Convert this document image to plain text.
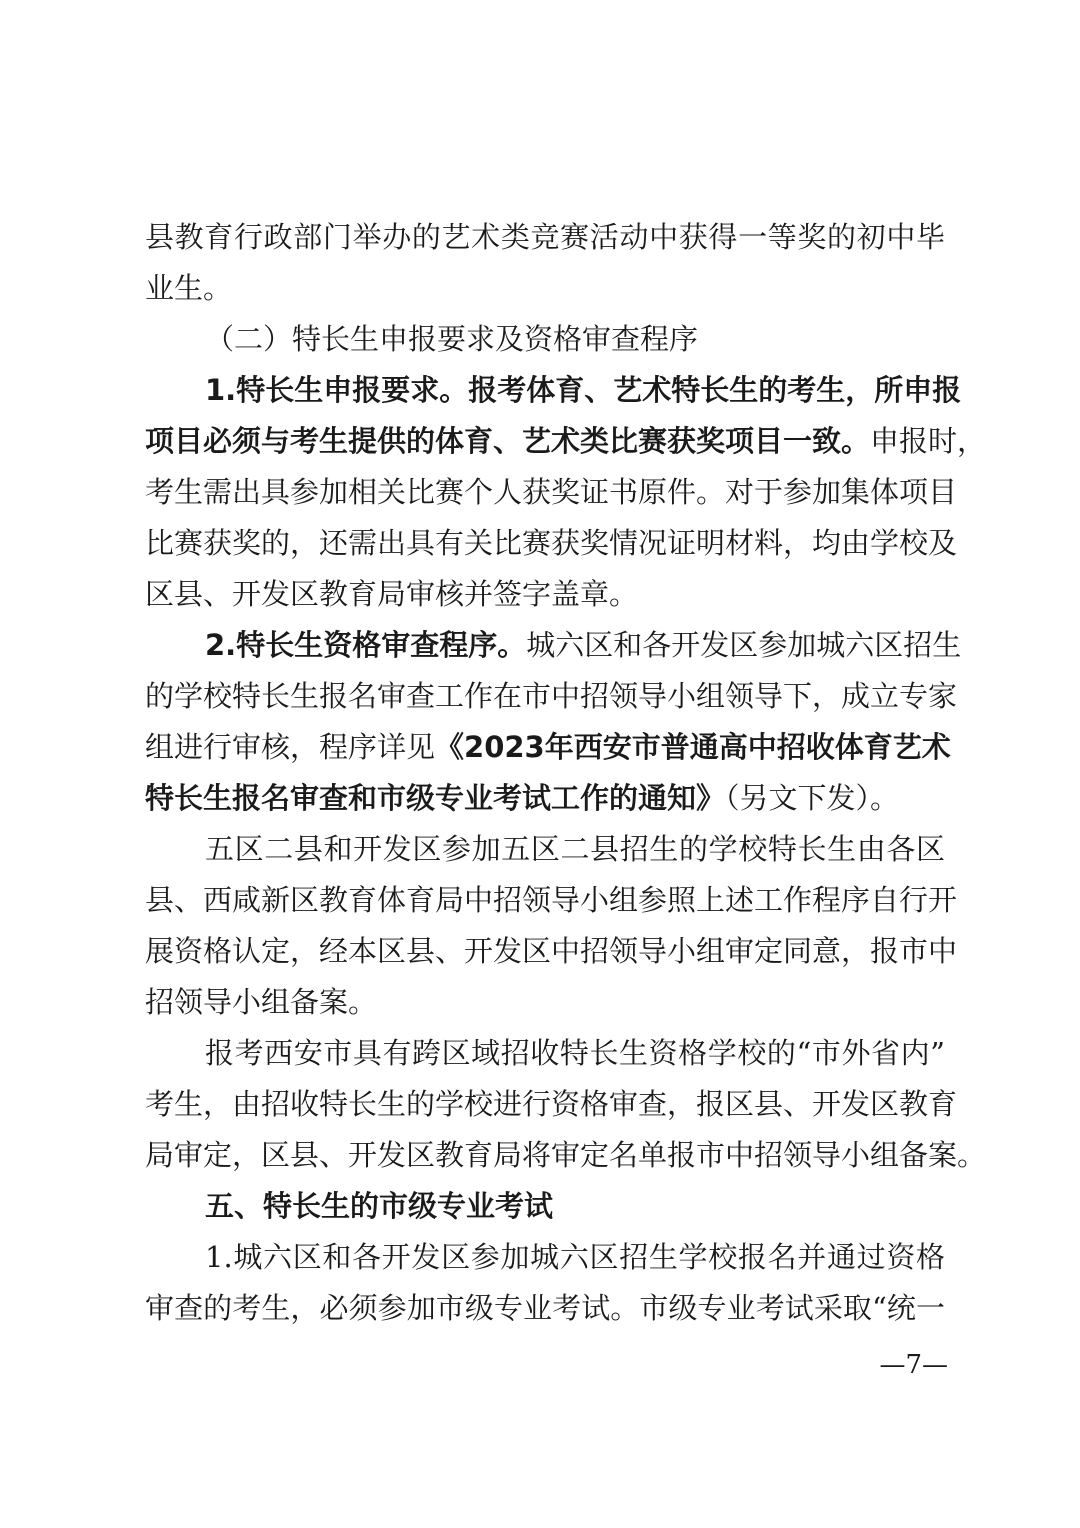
县教育行政部门举办的艺术类竞赛活动中获得一等奖的初中毕
业生。
（二）特长生申报要求及资格审查程序
1.特长生申报要求。报考体育、艺术特长生的考生，所申报
项目必须与考生提供的体育、艺术类比赛获奖项目一致。申报时，
考生需出具参加相关比赛个人获奖证书原件。对于参加集体项目
比赛获奖的，还需出具有关比赛获奖情况证明材料，均由学校及
区县、开发区教育局审核并签字盖章。
2.特长生资格审查程序。城六区和各开发区参加城六区招生
的学校特长生报名审查工作在市中招领导小组领导下，成立专家
组进行审核，程序详见《2023年西安市普通高中招收体育艺术
特长生报名审查和市级专业考试工作的通知》（另文下发）。
五区二县和开发区参加五区二县招生的学校特长生由各区
县、西咸新区教育体育局中招领导小组参照上述工作程序自行开
展资格认定，经本区县、开发区中招领导小组审定同意，报市中
招领导小组备案。
报考西安市具有跨区域招收特长生资格学校的“市外省内”
考生，由招收特长生的学校进行资格审查，报区县、开发区教育
局审定，区县、开发区教育局将审定名单报市中招领导小组备案。
五、特长生的市级专业考试
1.城六区和各开发区参加城六区招生学校报名并通过资格
审查的考生，必须参加市级专业考试。市级专业考试采取“统一
—7—
